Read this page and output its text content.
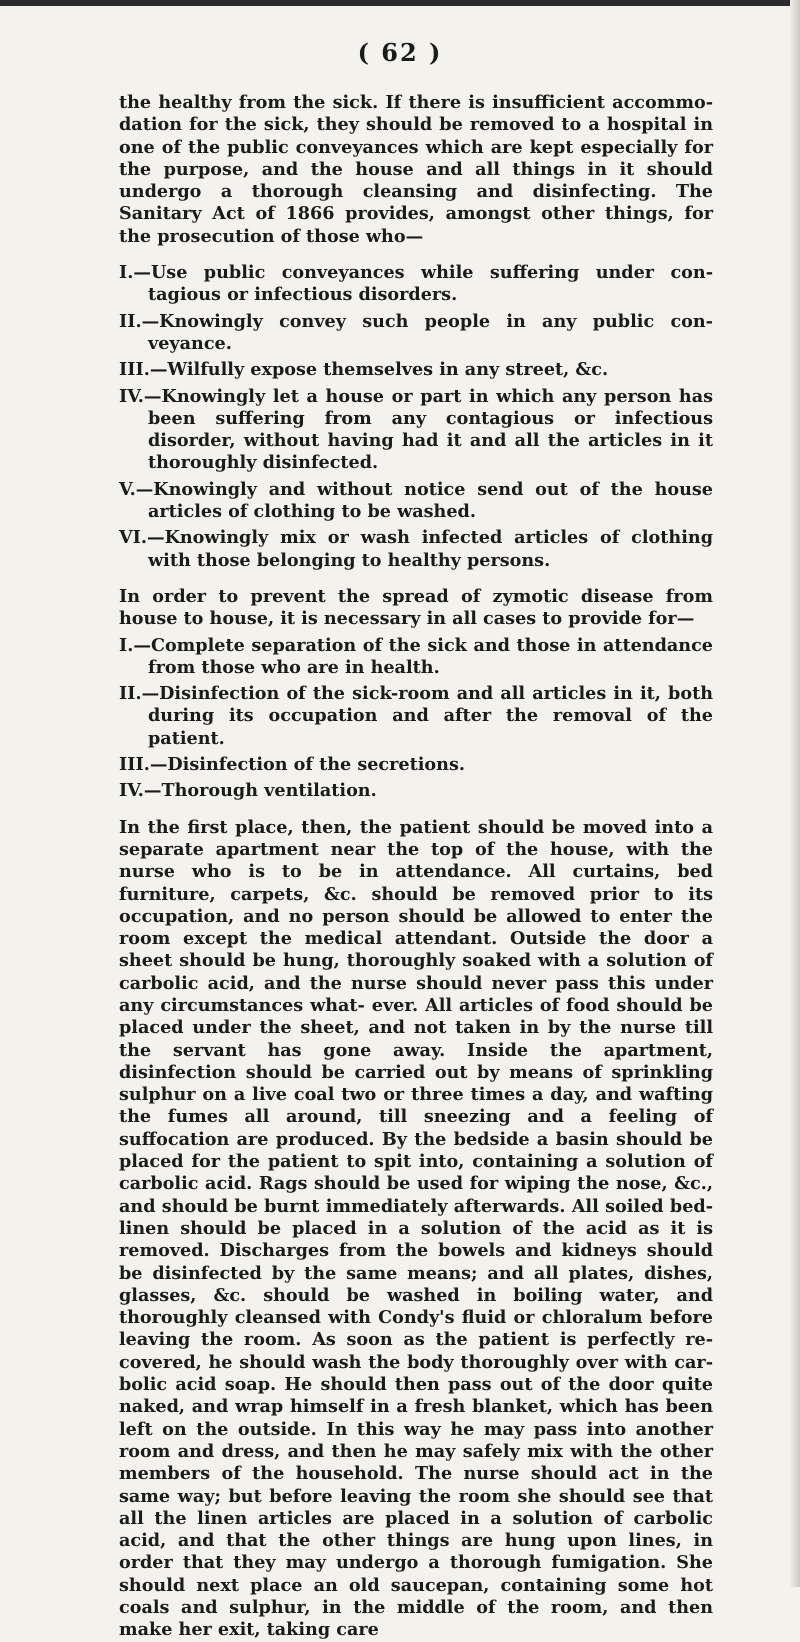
( 62 )

the healthy from the sick. If there is insufficient accommo- dation for the sick, they should be removed to a hospital in one of the public conveyances which are kept especially for the purpose, and the house and all things in it should undergo a thorough cleansing and disinfecting. The Sanitary Act of 1866 provides, amongst other things, for the prosecution of those who—

I.—Use public conveyances while suffering under con- tagious or infectious disorders.
II.—Knowingly convey such people in any public con- veyance.
III.—Wilfully expose themselves in any street, &c.
IV.—Knowingly let a house or part in which any person has been suffering from any contagious or infectious disorder, without having had it and all the articles in it thoroughly disinfected.
V.—Knowingly and without notice send out of the house articles of clothing to be washed.
VI.—Knowingly mix or wash infected articles of clothing with those belonging to healthy persons.

In order to prevent the spread of zymotic disease from house to house, it is necessary in all cases to provide for—

I.—Complete separation of the sick and those in attendance from those who are in health.
II.—Disinfection of the sick-room and all articles in it, both during its occupation and after the removal of the patient.
III.—Disinfection of the secretions.
IV.—Thorough ventilation.

In the first place, then, the patient should be moved into a separate apartment near the top of the house, with the nurse who is to be in attendance. All curtains, bed furniture, carpets, &c. should be removed prior to its occupation, and no person should be allowed to enter the room except the medical attendant. Outside the door a sheet should be hung, thoroughly soaked with a solution of carbolic acid, and the nurse should never pass this under any circumstances what- ever. All articles of food should be placed under the sheet, and not taken in by the nurse till the servant has gone away. Inside the apartment, disinfection should be carried out by means of sprinkling sulphur on a live coal two or three times a day, and wafting the fumes all around, till sneezing and a feeling of suffocation are produced. By the bedside a basin should be placed for the patient to spit into, containing a solution of carbolic acid. Rags should be used for wiping the nose, &c., and should be burnt immediately afterwards. All soiled bed-linen should be placed in a solution of the acid as it is removed. Discharges from the bowels and kidneys should be disinfected by the same means; and all plates, dishes, glasses, &c. should be washed in boiling water, and thoroughly cleansed with Condy's fluid or chloralum before leaving the room. As soon as the patient is perfectly re- covered, he should wash the body thoroughly over with car- bolic acid soap. He should then pass out of the door quite naked, and wrap himself in a fresh blanket, which has been left on the outside. In this way he may pass into another room and dress, and then he may safely mix with the other members of the household. The nurse should act in the same way; but before leaving the room she should see that all the linen articles are placed in a solution of carbolic acid, and that the other things are hung upon lines, in order that they may undergo a thorough fumigation. She should next place an old saucepan, containing some hot coals and sulphur, in the middle of the room, and then make her exit, taking care
